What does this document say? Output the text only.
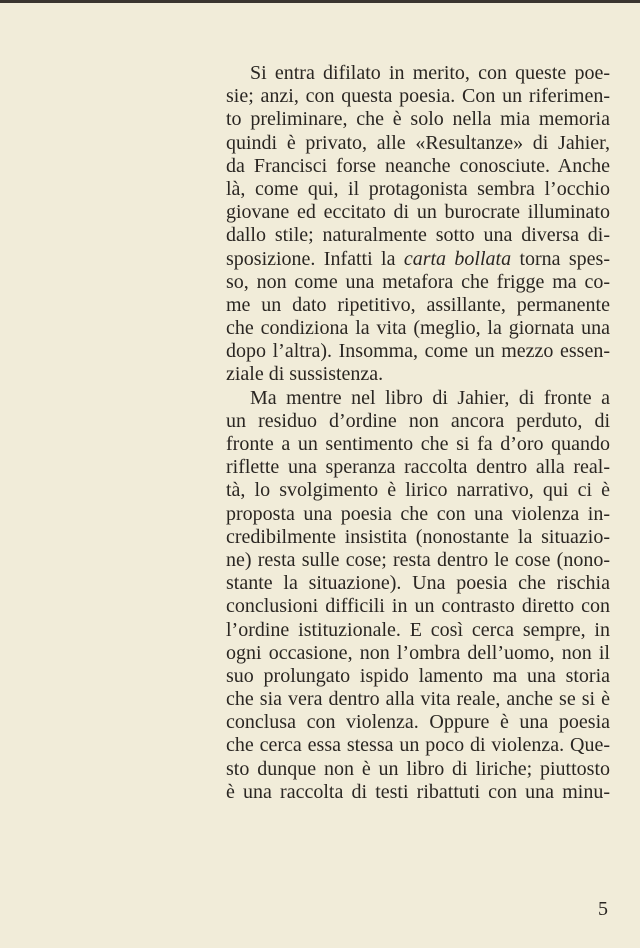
Si entra difilato in merito, con queste poe-
sie; anzi, con questa poesia. Con un riferimen-
to preliminare, che è solo nella mia memoria
quindi è privato, alle «Resultanze» di Jahier,
da Francisci forse neanche conosciute. Anche
là, come qui, il protagonista sembra l’occhio
giovane ed eccitato di un burocrate illuminato
dallo stile; naturalmente sotto una diversa di-
sposizione. Infatti la carta bollata torna spes-
so, non come una metafora che frigge ma co-
me un dato ripetitivo, assillante, permanente
che condiziona la vita (meglio, la giornata una
dopo l’altra). Insomma, come un mezzo essen-
ziale di sussistenza.

Ma mentre nel libro di Jahier, di fronte a
un residuo d’ordine non ancora perduto, di
fronte a un sentimento che si fa d’oro quando
riflette una speranza raccolta dentro alla real-
tà, lo svolgimento è lirico narrativo, qui ci è
proposta una poesia che con una violenza in-
credibilmente insistita (nonostante la situazio-
ne) resta sulle cose; resta dentro le cose (nono-
stante la situazione). Una poesia che rischia
conclusioni difficili in un contrasto diretto con
l’ordine istituzionale. E così cerca sempre, in
ogni occasione, non l’ombra dell’uomo, non il
suo prolungato ispido lamento ma una storia
che sia vera dentro alla vita reale, anche se si è
conclusa con violenza. Oppure è una poesia
che cerca essa stessa un poco di violenza. Que-
sto dunque non è un libro di liriche; piuttosto
è una raccolta di testi ribattuti con una minu-

5
